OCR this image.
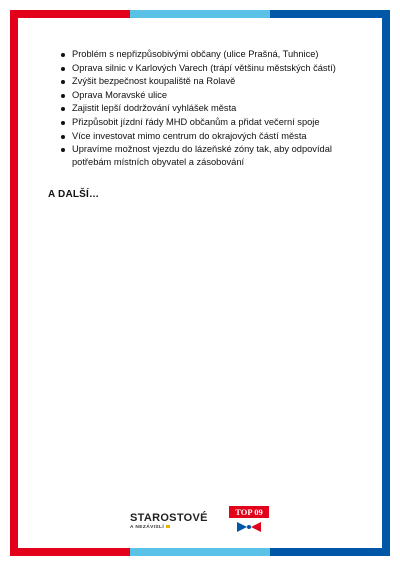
Problém s nepřizpůsobivými občany (ulice Prašná, Tuhnice)
Oprava silnic v Karlových Varech (trápí většinu městských částí)
Zvýšit bezpečnost koupaliště na Rolavě
Oprava Moravské ulice
Zajistit lepší dodržování vyhlášek města
Přizpůsobit jízdní řády MHD občanům a přidat večerní spoje
Více investovat mimo centrum do okrajových částí města
Upravíme možnost vjezdu do lázeňské zóny tak, aby odpovídal potřebám místních obyvatel a zásobování
A DALŠÍ…
STAROSTOVÉ
A NEZÁVISLÍ
TOP 09
